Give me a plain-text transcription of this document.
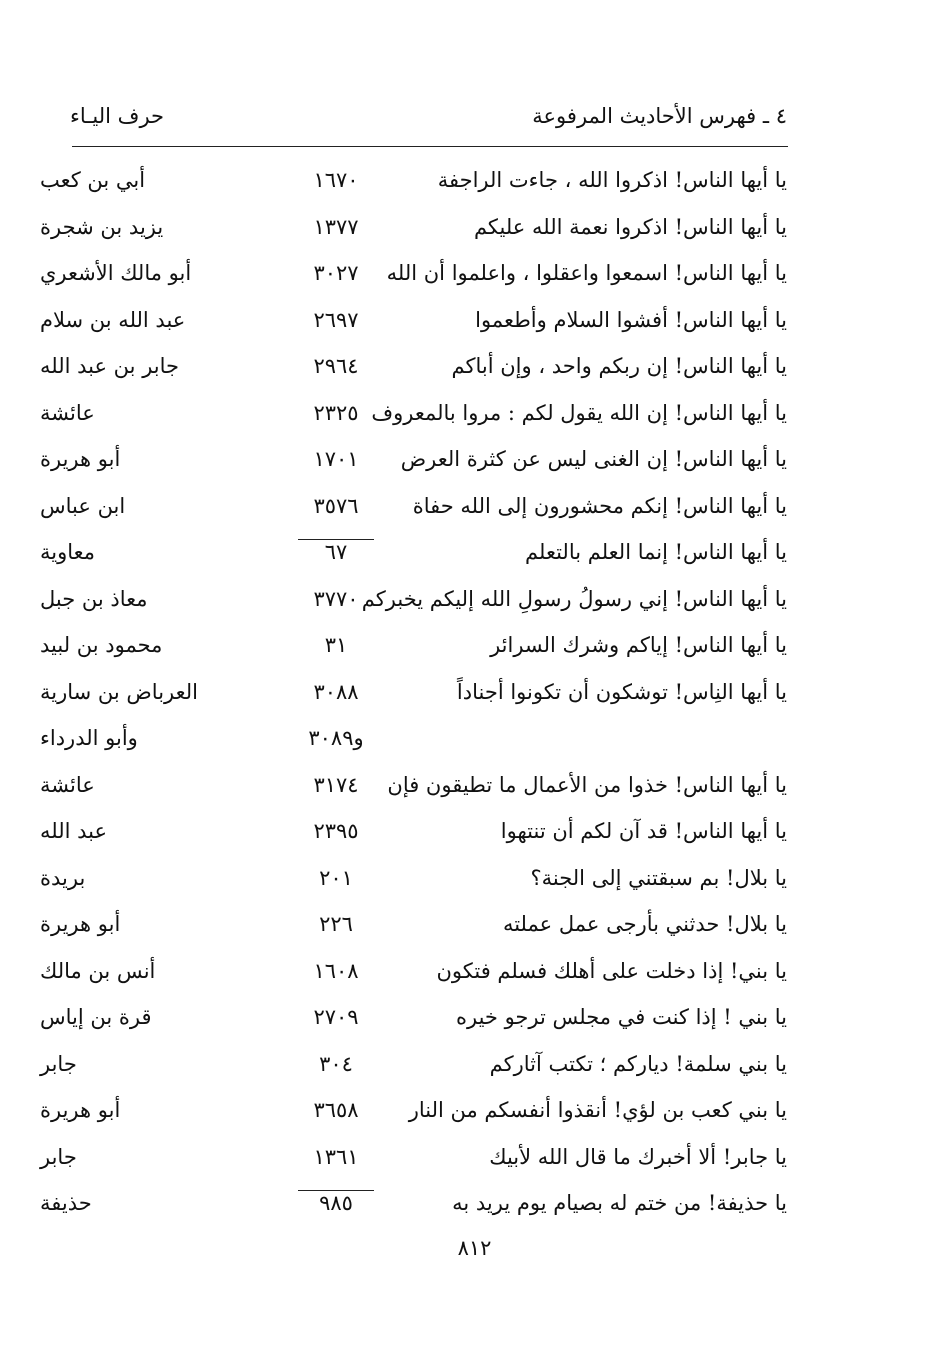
٤ ـ فهرس الأحاديث المرفوعة
حرف اليـاء
يا أيها الناس! اذكروا الله ، جاءت الراجفة
١٦٧٠
أبي بن كعب
يا أيها الناس! اذكروا نعمة الله عليكم
١٣٧٧
يزيد بن شجرة
يا أيها الناس! اسمعوا واعقلوا ، واعلموا أن الله
٣٠٢٧
أبو مالك الأشعري
يا أيها الناس! أفشوا السلام وأطعموا
٢٦٩٧
عبد الله بن سلام
يا أيها الناس! إن ربكم واحد ، وإن أباكم
٢٩٦٤
جابر بن عبد الله
يا أيها الناس! إن الله يقول لكم : مروا بالمعروف
٢٣٢٥
عائشة
يا أيها الناس! إن الغنى ليس عن كثرة العرض
١٧٠١
أبو هريرة
يا أيها الناس! إنكم محشورون إلى الله حفاة
٣٥٧٦
ابن عباس
يا أيها الناس! إنما العلم بالتعلم
٦٧
معاوية
يا أيها الناس! إني رسولُ رسولِ الله إليكم يخبركم
٣٧٧٠
معاذ بن جبل
يا أيها الناس! إياكم وشرك السرائر
٣١
محمود بن لبيد
يا أيها النِاس! توشكون أن تكونوا أجناداً
٣٠٨٨
العرباض بن سارية
و٣٠٨٩
وأبو الدرداء
يا أيها الناس! خذوا من الأعمال ما تطيقون فإن
٣١٧٤
عائشة
يا أيها الناس! قد آن لكم أن تنتهوا
٢٣٩٥
عبد الله
يا بلال! بم سبقتني إلى الجنة؟
٢٠١
بريدة
يا بلال! حدثني بأرجى عمل عملته
٢٢٦
أبو هريرة
يا بني! إذا دخلت على أهلك فسلم فتكون
١٦٠٨
أنس بن مالك
يا بني ! إذا كنت في مجلس ترجو خيره
٢٧٠٩
قرة بن إياس
يا بني سلمة! دياركم ؛ تكتب آثاركم
٣٠٤
جابر
يا بني كعب بن لؤي! أنقذوا أنفسكم من النار
٣٦٥٨
أبو هريرة
يا جابر! ألا أخبرك ما قال الله لأبيك
١٣٦١
جابر
يا حذيفة! من ختم له بصيام يوم يريد به
٩٨٥
حذيفة
٨١٢
